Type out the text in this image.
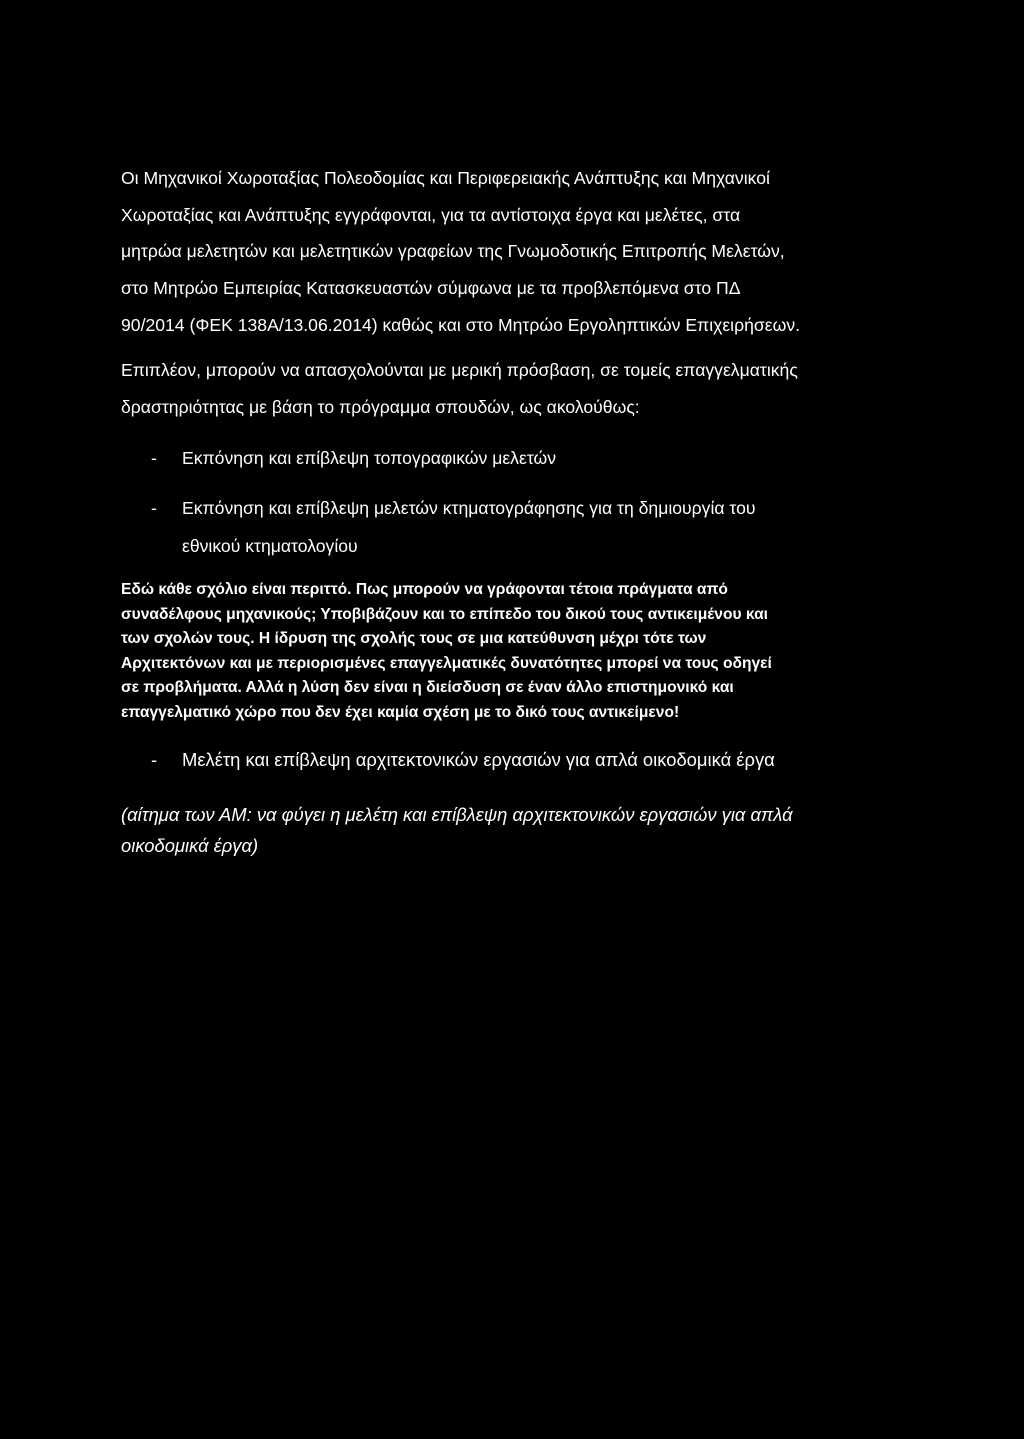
Οι Μηχανικοί Χωροταξίας Πολεοδομίας και Περιφερειακής Ανάπτυξης και Μηχανικοί
Χωροταξίας και Ανάπτυξης εγγράφονται, για τα αντίστοιχα έργα και μελέτες, στα
μητρώα μελετητών και μελετητικών γραφείων της Γνωμοδοτικής Επιτροπής Μελετών,
στο Μητρώο Εμπειρίας Κατασκευαστών σύμφωνα με τα προβλεπόμενα στο ΠΔ
90/2014 (ΦΕΚ 138Α/13.06.2014) καθώς και στο Μητρώο Εργοληπτικών Επιχειρήσεων.
Επιπλέον, μπορούν να απασχολούνται με μερική πρόσβαση, σε τομείς επαγγελματικής
δραστηριότητας με βάση το πρόγραμμα σπουδών, ως ακολούθως:
- Εκπόνηση και επίβλεψη τοπογραφικών μελετών
- Εκπόνηση και επίβλεψη μελετών κτηματογράφησης για τη δημιουργία του
εθνικού κτηματολογίου
Εδώ κάθε σχόλιο είναι περιττό. Πως μπορούν να γράφονται τέτοια πράγματα από
συναδέλφους μηχανικούς; Υποβιβάζουν και το επίπεδο του δικού τους αντικειμένου και
των σχολών τους. Η ίδρυση της σχολής τους σε μια κατεύθυνση μέχρι τότε των
Αρχιτεκτόνων και με περιορισμένες επαγγελματικές δυνατότητες μπορεί να τους οδηγεί
σε προβλήματα. Αλλά η λύση δεν είναι η διείσδυση σε έναν άλλο επιστημονικό και
επαγγελματικό χώρο που δεν έχει καμία σχέση με το δικό τους αντικείμενο!
- Μελέτη και επίβλεψη αρχιτεκτονικών εργασιών για απλά οικοδομικά έργα
(αίτημα των ΑΜ: να φύγει η μελέτη και επίβλεψη αρχιτεκτονικών εργασιών για απλά
οικοδομικά έργα)
